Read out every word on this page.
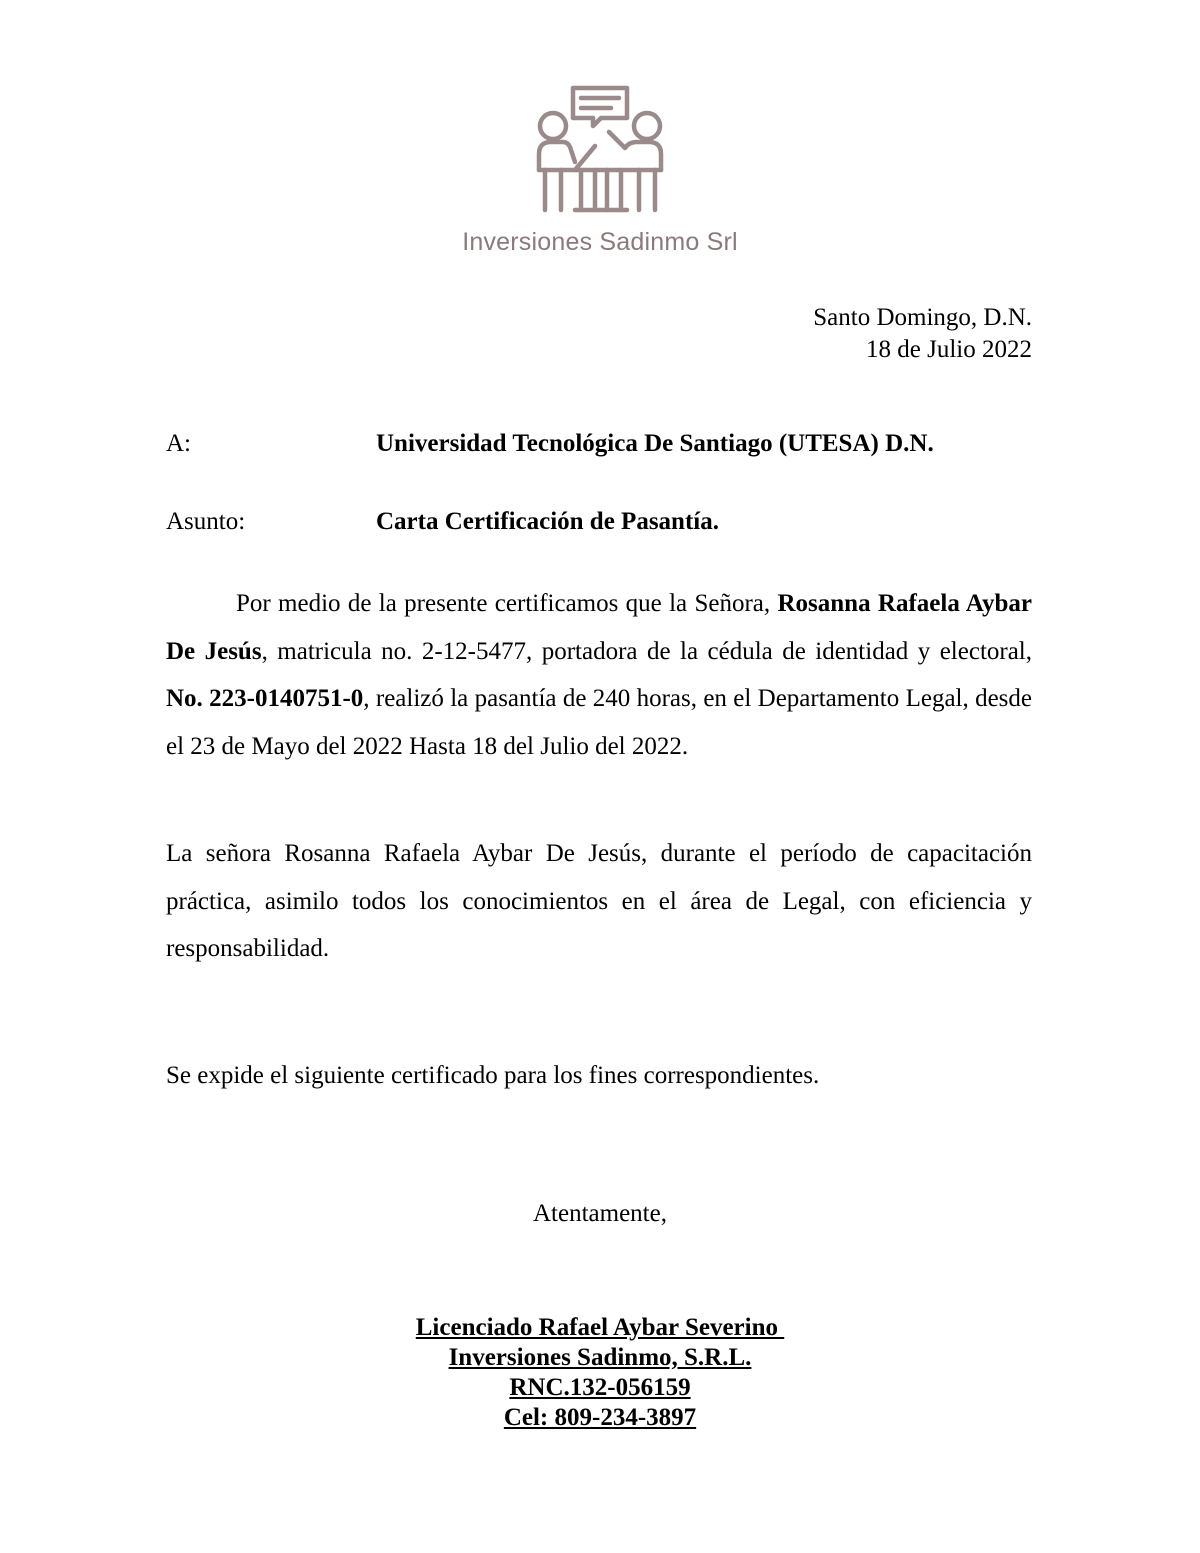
Inversiones Sadinmo Srl
Santo Domingo, D.N.
18 de Julio 2022
A:	Universidad Tecnológica De Santiago (UTESA) D.N.
Asunto:	Carta Certificación de Pasantía.

Por medio de la presente certificamos que la Señora, Rosanna Rafaela Aybar De Jesús, matricula no. 2-12-5477, portadora de la cédula de identidad y electoral, No. 223-0140751-0, realizó la pasantía de 240 horas, en el Departamento Legal, desde el 23 de Mayo del 2022 Hasta 18 del Julio del 2022.

La señora Rosanna Rafaela Aybar De Jesús, durante el período de capacitación práctica, asimilo todos los conocimientos en el área de Legal, con eficiencia y responsabilidad.

Se expide el siguiente certificado para los fines correspondientes.

Atentamente,
Licenciado Rafael Aybar Severino
Inversiones Sadinmo, S.R.L.
RNC.132-056159
Cel: 809-234-3897
